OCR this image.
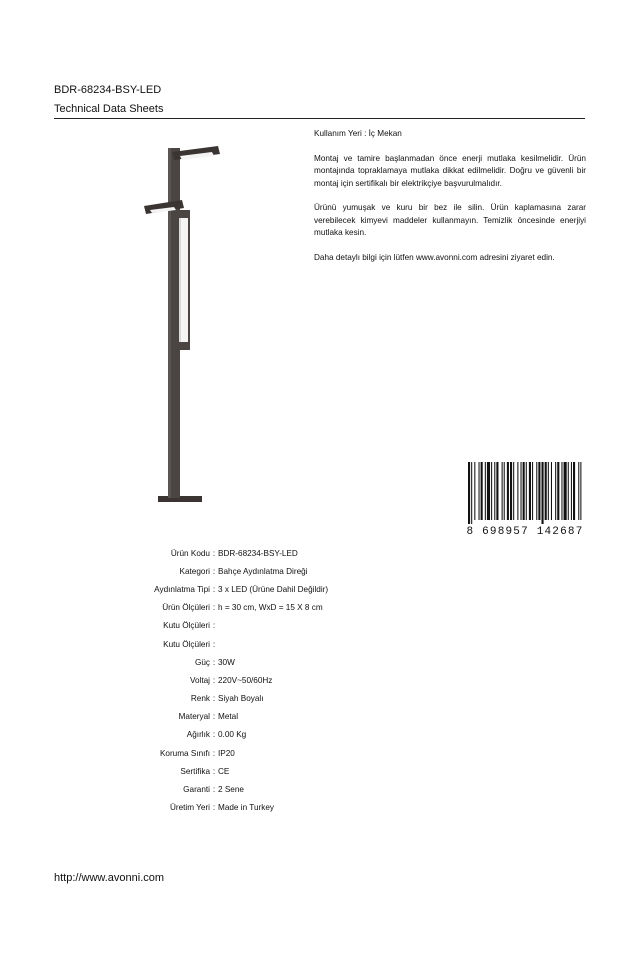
BDR-68234-BSY-LED
Technical Data Sheets

Kullanım Yeri : İç Mekan

Montaj ve tamire başlanmadan önce enerji mutlaka kesilmelidir. Ürün montajında topraklamaya mutlaka dikkat edilmelidir. Doğru ve güvenli bir montaj için sertifikalı bir elektrikçiye başvurulmalıdır.

Ürünü yumuşak ve kuru bir bez ile silin. Ürün kaplamasına zarar verebilecek kimyevi maddeler kullanmayın. Temizlik öncesinde enerjiyi mutlaka kesin.

Daha detaylı bilgi için lütfen www.avonni.com adresini ziyaret edin.

8 698957 142687
Ürün Kodu : BDR-68234-BSY-LED
Kategori : Bahçe Aydınlatma Direği
Aydınlatma Tipi : 3 x LED (Ürüne Dahil Değildir)
Ürün Ölçüleri : h = 30 cm, WxD = 15 X 8 cm
Kutu Ölçüleri :
Kutu Ölçüleri :
Güç : 30W
Voltaj : 220V~50/60Hz
Renk : Siyah Boyalı
Materyal : Metal
Ağırlık : 0.00 Kg
Koruma Sınıfı : IP20
Sertifika : CE
Garanti : 2 Sene
Üretim Yeri : Made in Turkey
http://www.avonni.com
